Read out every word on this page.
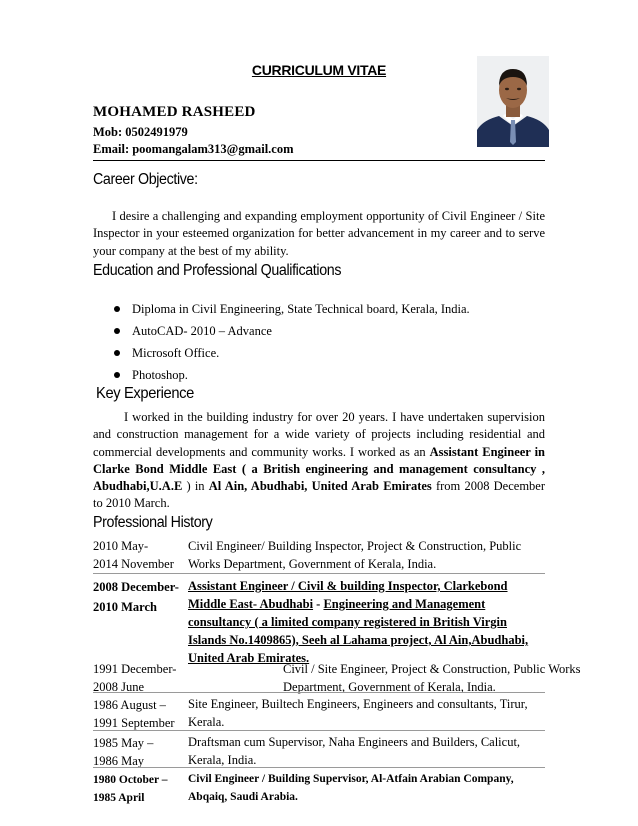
CURRICULUM VITAE
MOHAMED RASHEED
Mob: 0502491979
Email: poomangalam313@gmail.com
Career Objective:
I desire a challenging and expanding employment opportunity of Civil Engineer / Site Inspector in your esteemed organization for better advancement in my career and to serve your company at the best of my ability.
Education and Professional Qualifications
Diploma in Civil Engineering, State Technical board, Kerala, India.
AutoCAD- 2010 – Advance
Microsoft Office.
Photoshop.
Key Experience
I worked in the building industry for over 20 years. I have undertaken supervision and construction management for a wide variety of projects including residential and commercial developments and community works. I worked as an Assistant Engineer in Clarke Bond Middle East ( a British engineering and management consultancy , Abudhabi,U.A.E ) in Al Ain, Abudhabi, United Arab Emirates from 2008 December to 2010 March.
Professional History
2010 May-
2014 November
Civil Engineer/ Building Inspector, Project & Construction, Public Works Department, Government of Kerala, India.
2008 December-
2010 March
Assistant Engineer / Civil & building Inspector, Clarkebond Middle East- Abudhabi - Engineering and Management consultancy ( a limited company registered in British Virgin Islands No.1409865), Seeh al Lahama project, Al Ain,Abudhabi, United Arab Emirates.
1991 December-
2008 June
Civil / Site Engineer, Project & Construction, Public Works Department, Government of Kerala, India.
1986 August –
1991 September
Site Engineer, Builtech Engineers, Engineers and consultants, Tirur, Kerala.
1985 May –
1986 May
Draftsman cum Supervisor, Naha Engineers and Builders, Calicut, Kerala, India.
1980 October –
1985 April
Civil Engineer / Building Supervisor, Al-Atfain Arabian Company, Abqaiq, Saudi Arabia.
